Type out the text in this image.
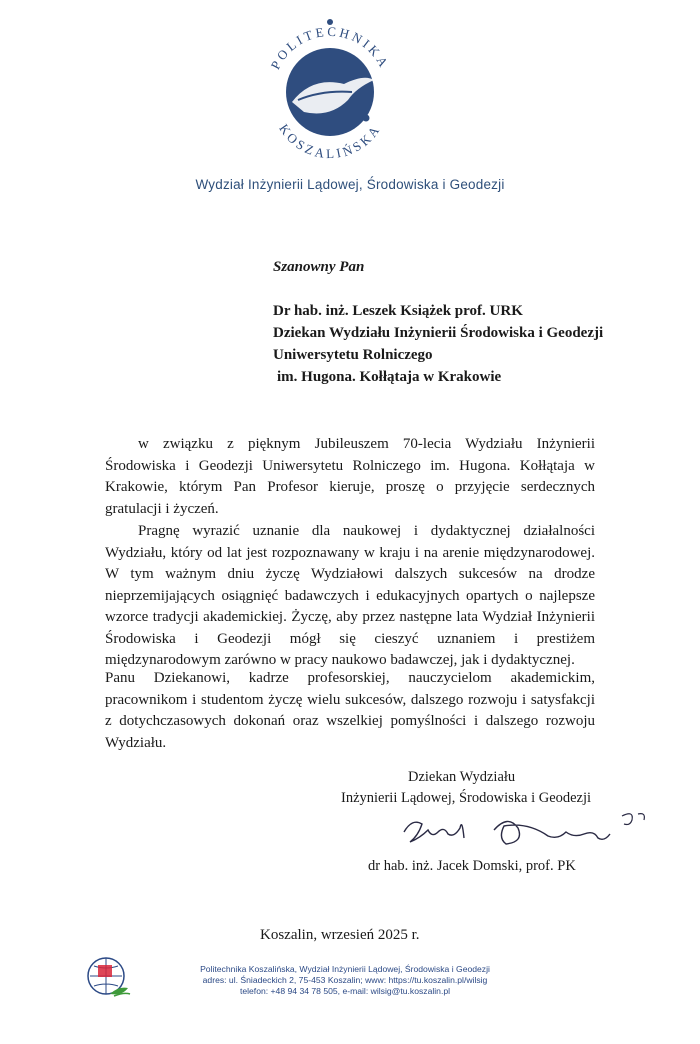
POLITECHNIKA
KOSZALIŃSKA
Wydział Inżynierii Lądowej, Środowiska i Geodezji
Szanowny Pan
Dr hab. inż. Leszek Książek prof. URK
Dziekan Wydziału Inżynierii Środowiska i Geodezji
Uniwersytetu Rolniczego
im. Hugona. Kołłątaja w Krakowie
w związku z pięknym Jubileuszem 70-lecia Wydziału Inżynierii Środowiska i Geodezji Uniwersytetu Rolniczego im. Hugona. Kołłątaja w Krakowie, którym Pan Profesor kieruje, proszę o przyjęcie serdecznych gratulacji i życzeń.
Pragnę wyrazić uznanie dla naukowej i dydaktycznej działalności Wydziału, który od lat jest rozpoznawany w kraju i na arenie międzynarodowej. W tym ważnym dniu życzę Wydziałowi dalszych sukcesów na drodze nieprzemijających osiągnięć badawczych i edukacyjnych opartych o najlepsze wzorce tradycji akademickiej. Życzę, aby przez następne lata Wydział Inżynierii Środowiska i Geodezji mógł się cieszyć uznaniem i prestiżem międzynarodowym zarówno w pracy naukowo badawczej, jak i dydaktycznej.
Panu Dziekanowi, kadrze profesorskiej, nauczycielom akademickim, pracownikom i studentom życzę wielu sukcesów, dalszego rozwoju i satysfakcji z dotychczasowych dokonań oraz wszelkiej pomyślności i dalszego rozwoju Wydziału.
Dziekan Wydziału
Inżynierii Lądowej, Środowiska i Geodezji
dr hab. inż. Jacek Domski, prof. PK
Koszalin, wrzesień 2025 r.
Politechnika Koszalińska, Wydział Inżynierii Lądowej, Środowiska i Geodezji
adres: ul. Śniadeckich 2, 75-453 Koszalin; www: https://tu.koszalin.pl/wilsig
telefon: +48 94 34 78 505, e-mail: wilsig@tu.koszalin.pl
